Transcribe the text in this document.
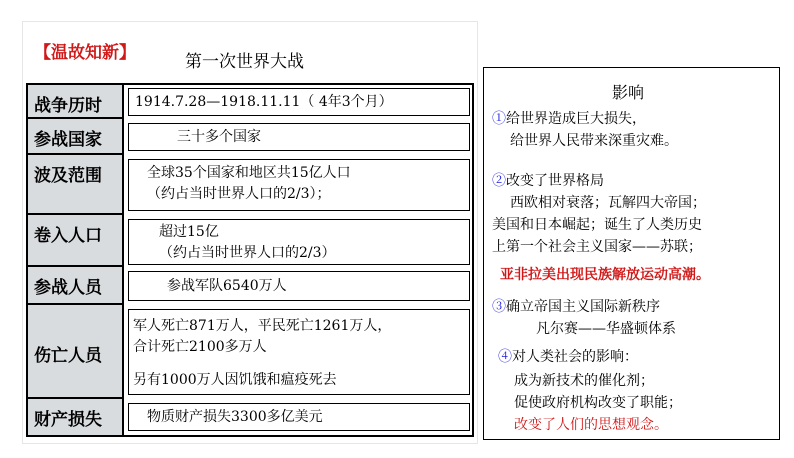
【温故知新】	第一次世界大战
战争历时
参战国家
波及范围
卷入人口
参战人员
伤亡人员
财产损失
1914.7.28—1918.11.11（ 4年3个月）
三十多个国家
全球35个国家和地区共15亿人口
（约占当时世界人口的2/3）；
超过15亿
（约占当时世界人口的2/3）
参战军队6540万人
军人死亡871万人，平民死亡1261万人，
合计死亡2100多万人
另有1000万人因饥饿和瘟疫死去
物质财产损失3300多亿美元
影响
①给世界造成巨大损失，
给世界人民带来深重灾难。
②改变了世界格局
西欧相对衰落；瓦解四大帝国；
美国和日本崛起；诞生了人类历史
上第一个社会主义国家——苏联；
亚非拉美出现民族解放运动高潮。
③确立帝国主义国际新秩序
凡尔赛——华盛顿体系
④对人类社会的影响：
成为新技术的催化剂；
促使政府机构改变了职能；
改变了人们的思想观念。
